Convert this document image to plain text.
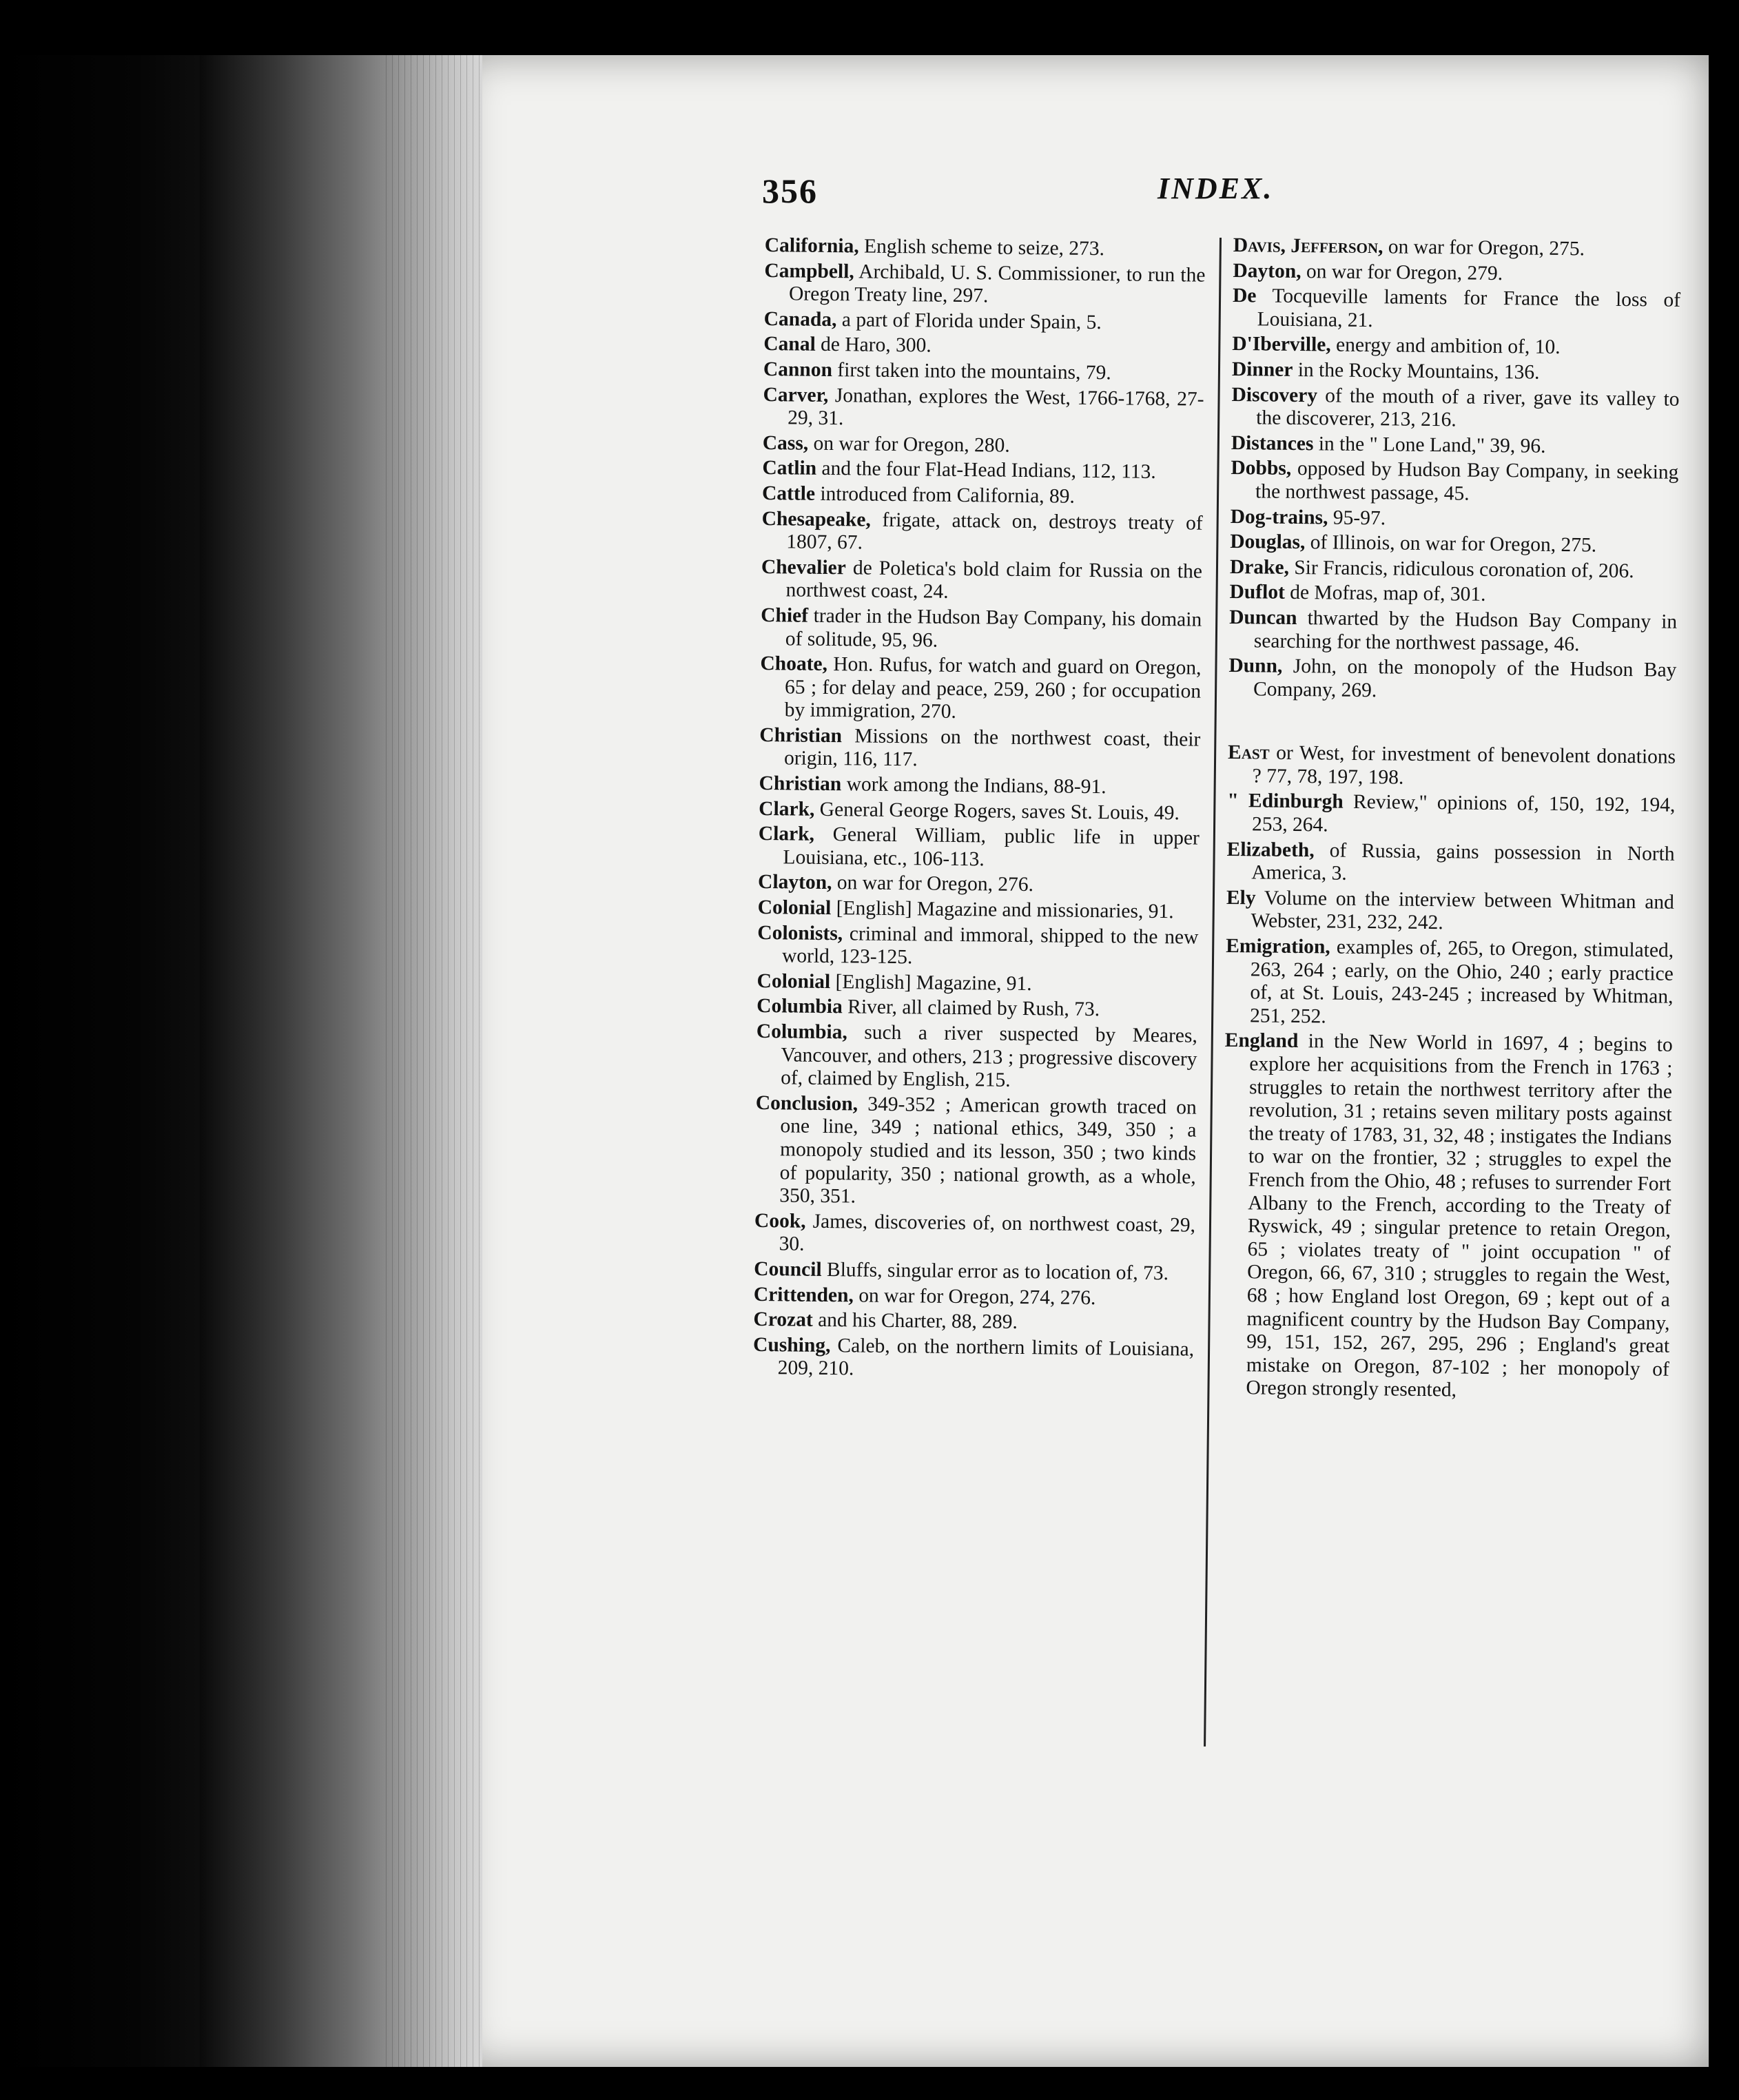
356	INDEX.
California, English scheme to seize, 273.
Campbell, Archibald, U. S. Commissioner, to run the Oregon Treaty line, 297.
Canada, a part of Florida under Spain, 5.
Canal de Haro, 300.
Cannon first taken into the mountains, 79.
Carver, Jonathan, explores the West, 1766-1768, 27-29, 31.
Cass, on war for Oregon, 280.
Catlin and the four Flat-Head Indians, 112, 113.
Cattle introduced from California, 89.
Chesapeake, frigate, attack on, destroys treaty of 1807, 67.
Chevalier de Poletica's bold claim for Russia on the northwest coast, 24.
Chief trader in the Hudson Bay Company, his domain of solitude, 95, 96.
Choate, Hon. Rufus, for watch and guard on Oregon, 65 ; for delay and peace, 259, 260 ; for occupation by immigration, 270.
Christian Missions on the northwest coast, their origin, 116, 117.
Christian work among the Indians, 88-91.
Clark, General George Rogers, saves St. Louis, 49.
Clark, General William, public life in upper Louisiana, etc., 106-113.
Clayton, on war for Oregon, 276.
Colonial [English] Magazine and missionaries, 91.
Colonists, criminal and immoral, shipped to the new world, 123-125.
Colonial [English] Magazine, 91.
Columbia River, all claimed by Rush, 73.
Columbia, such a river suspected by Meares, Vancouver, and others, 213 ; progressive discovery of, claimed by English, 215.
Conclusion, 349-352 ; American growth traced on one line, 349 ; national ethics, 349, 350 ; a monopoly studied and its lesson, 350 ; two kinds of popularity, 350 ; national growth, as a whole, 350, 351.
Cook, James, discoveries of, on northwest coast, 29, 30.
Council Bluffs, singular error as to location of, 73.
Crittenden, on war for Oregon, 274, 276.
Crozat and his Charter, 88, 289.
Cushing, Caleb, on the northern limits of Louisiana, 209, 210.
Davis, Jefferson, on war for Oregon, 275.
Dayton, on war for Oregon, 279.
De Tocqueville laments for France the loss of Louisiana, 21.
D'Iberville, energy and ambition of, 10.
Dinner in the Rocky Mountains, 136.
Discovery of the mouth of a river, gave its valley to the discoverer, 213, 216.
Distances in the " Lone Land," 39, 96.
Dobbs, opposed by Hudson Bay Company, in seeking the northwest passage, 45.
Dog-trains, 95-97.
Douglas, of Illinois, on war for Oregon, 275.
Drake, Sir Francis, ridiculous coronation of, 206.
Duflot de Mofras, map of, 301.
Duncan thwarted by the Hudson Bay Company in searching for the northwest passage, 46.
Dunn, John, on the monopoly of the Hudson Bay Company, 269.
East or West, for investment of benevolent donations ? 77, 78, 197, 198.
" Edinburgh Review," opinions of, 150, 192, 194, 253, 264.
Elizabeth, of Russia, gains possession in North America, 3.
Ely Volume on the interview between Whitman and Webster, 231, 232, 242.
Emigration, examples of, 265, to Oregon, stimulated, 263, 264 ; early, on the Ohio, 240 ; early practice of, at St. Louis, 243-245 ; increased by Whitman, 251, 252.
England in the New World in 1697, 4 ; begins to explore her acquisitions from the French in 1763 ; struggles to retain the northwest territory after the revolution, 31 ; retains seven military posts against the treaty of 1783, 31, 32, 48 ; instigates the Indians to war on the frontier, 32 ; struggles to expel the French from the Ohio, 48 ; refuses to surrender Fort Albany to the French, according to the Treaty of Ryswick, 49 ; singular pretence to retain Oregon, 65 ; violates treaty of " joint occupation " of Oregon, 66, 67, 310 ; struggles to regain the West, 68 ; how England lost Oregon, 69 ; kept out of a magnificent country by the Hudson Bay Company, 99, 151, 152, 267, 295, 296 ; England's great mistake on Oregon, 87-102 ; her monopoly of Oregon strongly resented,
